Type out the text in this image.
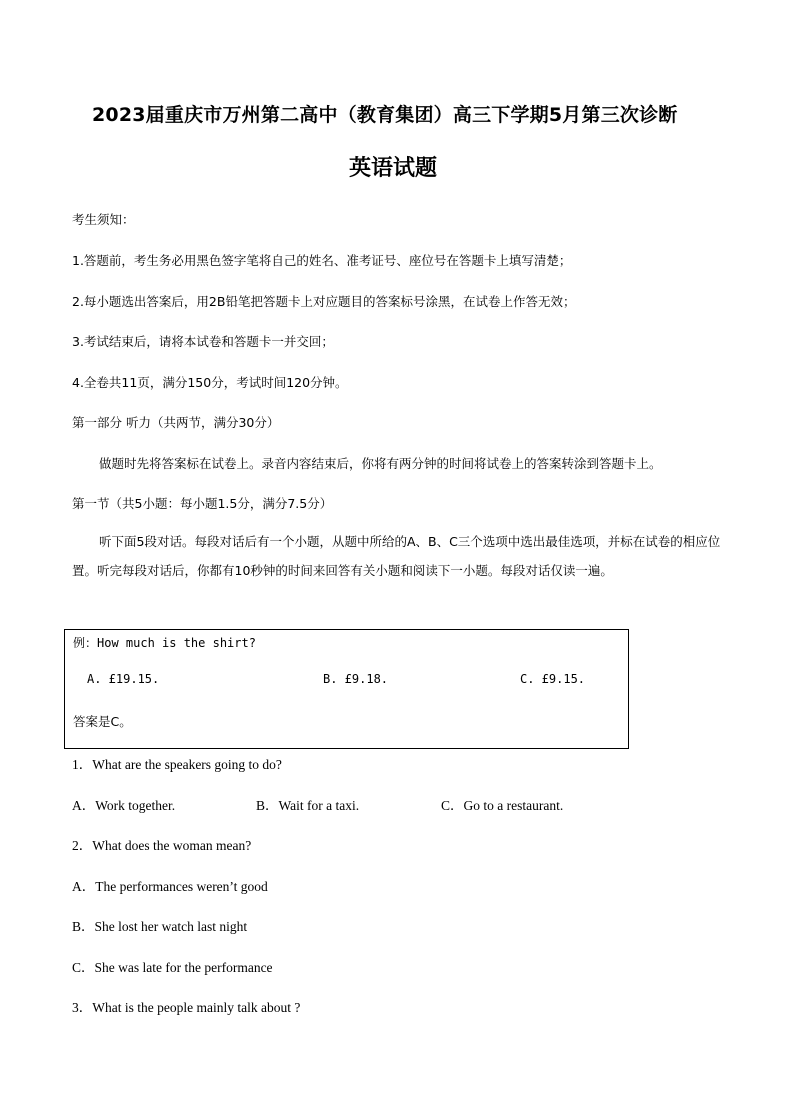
2023届重庆市万州第二高中（教育集团）高三下学期5月第三次诊断
英语试题
考生须知：
1.答题前，考生务必用黑色签字笔将自己的姓名、准考证号、座位号在答题卡上填写清楚；
2.每小题选出答案后，用2B铅笔把答题卡上对应题目的答案标号涂黑，在试卷上作答无效；
3.考试结束后，请将本试卷和答题卡一并交回；
4.全卷共11页，满分150分，考试时间120分钟。
第一部分 听力（共两节，满分30分）
做题时先将答案标在试卷上。录音内容结束后，你将有两分钟的时间将试卷上的答案转涂到答题卡上。
第一节（共5小题：每小题1.5分，满分7.5分）
听下面5段对话。每段对话后有一个小题，从题中所给的A、B、C三个选项中选出最佳选项，并标在试卷的相应位置。听完每段对话后，你都有10秒钟的时间来回答有关小题和阅读下一小题。每段对话仅读一遍。
例：How much is the shirt?
A. £19.15.	B. £9.18.	C. £9.15.
答案是C。
1．What are the speakers going to do?
A．Work together.	B．Wait for a taxi.	C．Go to a restaurant.
2．What does the woman mean?
A．The performances weren’t good
B．She lost her watch last night
C．She was late for the performance
3．What is the people mainly talk about ?
